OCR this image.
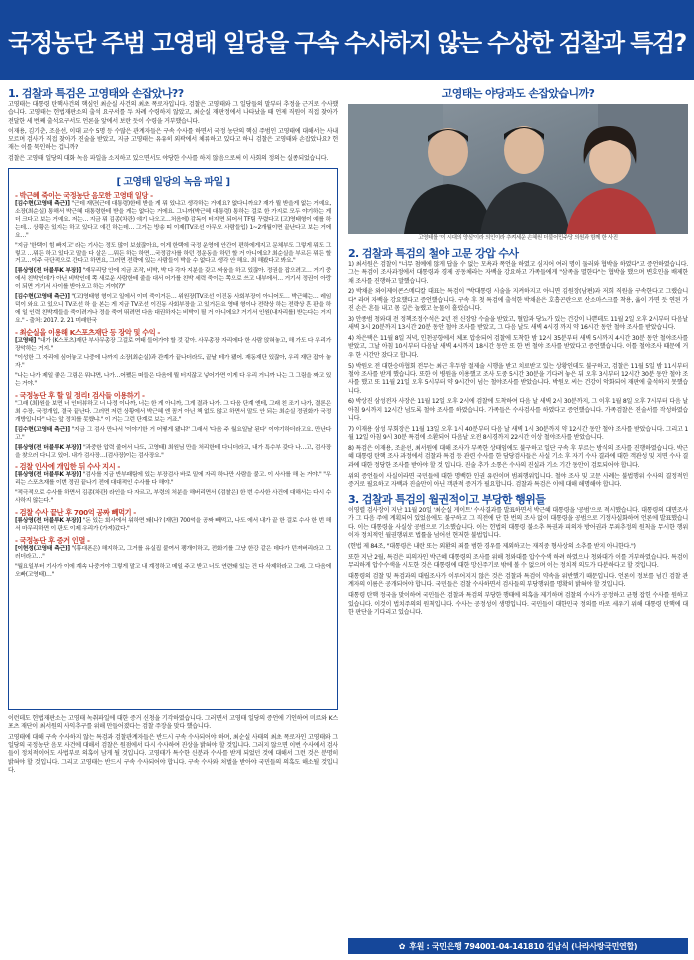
국정농단 주범 고영태 일당을 구속 수사하지 않는 수상한 검찰과 특검?
1. 검찰과 특검은 고영태와 손잡았나??

고영태는 대통령 탄핵사건의 핵심인 최순실 사건의 최초 폭로자입니다. 검찰은 고영태와 그 일당들의 말부터 추정을 근거로 수사했습니다. 고영태는 헌법재판소의 출석 요구서를 두 차례 수령하지 않았고, 최순실 재판정에서 나타났을 때 언제 직원이 직접 찾아가 전달한 세 번째 출석요구서도 언론을 앞에서 보란 듯이 수령을 거부했습니다.

이재용, 김기춘, 조윤선, 이대 교수 5명 등 수많은 관계자들은 구속 수사를 하면서 국정 농단의 핵심 주범인 고영태에 대해서는 사내 모르며 검사가 직접 찾아가 진술을 받았고, 지금 고영태는 유유히 외곽에서 체류하고 있다고 하니 검찰은 고영태와 손잡았나요? 헌재는 이를 묵인하는 겁니까?

검찰은 고영태 일당의 대화 녹음 파일을 소지하고 있으면서도 야당한 수사를 하지 않음으로써 이 사회의 정의는 실종되었습니다.

[ 고영태 일당의 녹음 파일 ]
- 박근혜 죽이는 국정농단 음모한 고영태 일당 -

[김수현(고영태 측근)] "근데 재단(근데 대통령)한테 받을 게 뭐 있냐고 생각하는 거예요? 없다니까요? 재가 뭘 받을게 없는 거예요, 소장(최순실) 통해서 박근혜 대통령한테 받을 게는 없다는 거에요. 그니까(박근혜 대통령) 통하는 걸로 한 가지로 모두 야기하는 게 더 크다고 보는 거예요. 저는… 지금 뭐 김종(차관) 얘기 나오고…처음에) 감독이 터지면 되어서 TF팀 꾸렸다고 (고)영태형이 예를 하는데… 상황은 있지는 하고 있다고 얘긴 하는데… 그거는 방송 띠 이제(TV조선 아무오 사람들입) 1~2개월이면 끝난다고 보는 거에요…"

"지금 '한택이 힘 빠지고' 라는 기사는 정도 많이 보셨잖아요, 이게 한택에 국정 운영에 안간이 편하에게지고 문체부도 그렇게 뭐도 그렇고 …뭐든 하고 있다고 말을 다 살은 …뭐든 하는 하면…국정감사를 하던 정운동을 하던 할 거 아니에요? 최순실을 부르든 뭐든 할 거고…이주 극단적으로 간다고 하면요, 그러면 전략에 있는 사람들이 박을 수 없다고 생각 안 해요. 최 해봤다고 봐요."

[류상영(전 더블루K 부장)] "재무리당 안에 지금 조작, 비박, 박 다 각자 지분을 갖고 싸움을 하고 있잖아. 정권을 잡으려고… 거기 중에서 친박인데가 아닌 비박인데 쪽 새로운 사람한테 줄을 대서 어가를 친박 세력 죽이는 쪽으로 쓰고 내부에서… 거기서 정권이 아랑이 되면 거기서 사이를 받아오고 하는 거야(?)"

[김수현(고영태 측근)] "(고)영태형 형이고 일에서 이미 죽이거든… 위원장(TV조선 이진동 사회부장이 아니어도… 박근혜는… 레임덕이 와요 고 있으니 TV조선 하 을 본는 게 지금 TV조선 이진동 사회부장을 고 있거든요 영태 형이나 전략상 하는 전략상 흔 판을 하에 일 인력 친박계들을 죽이려거나 정을 죽여 뛰려면 다음 대권하자는 비박이 될 거 아니에요? 거기서 인원(내자리를) 받는다는 거지요." - 출처: 2017. 2. 21 미래한국

- 최순실을 이용해 K스포츠재단 등 장악 및 수익 -

[고영태] "내가 (K스포츠)재단 부사무총장 그걸로 여태 들어가야 할 것 같아. 사무총장 자리에다 한 사람 앉혀놓고, 해 가도 다 우리가 장악하는 거지."

"이성한 그 자리에 심어놓고 나중에 나까지 소장(최순실)과 관계가 끝나더라도, 끝날 테가 됐어. 재동재단 있잖아, 우리 재단 잡아 놓자."

"나는 나가 제일 좋은 그림은 뭐냐면, 나가…어쨌든 떠들은 다음에 뭘 터지잖고 넣어가면 이게 다 우리 거니까 나는 그 그림을 짜고 있는 거야."

- 국정농단 후 할 일 정리! 검사들 이용하기 -

"그래 (최)원을 보면 너 인터뷰하고 너 나정 이나까, 너는 한 게 아니까, 그게 결과 나가. 그 다음 단계 엔테, 그래 친 조기 나가, 결론은 최 수장, 국정개입, 결국 끝난다. 그러면 저런 상황에서 박근혜 엔 꼼거 아닌 책 없도 않고 하면서 말도 안 되는 최순실 정권화가 국정 개방입니다" 나는 앞 정치를 못했냐." 이 거는 그런 단계로 보는 거죠."

[김수현(고영태 측근)] "지금 그 검사 만나서 '이야기한 거 어떻게 됐냐?' 그래서 '다음 주 월요일날 된다' 이야기하더라고요. 만난다고."

[류상영(전 더블루K 부장)] "과중한 압력 줄어서 나도, 고영태) 최원님 만을 처리한테 다니더라고, 내가 특수부 갖다 나…고, 검사장을 찾으러 다니고 있어. 내가 검사장…(검사장)이는 검사장요."

- 검찰 인사에 개입한 뒤 수사 지시 -

[류상영(전 더블루K 부장)] "검사를 지금 반부패팀에 있는 부장검사 바로 밑에 자리 하나만 사람을 붙고. 이 사사를 해 논 거야." "우리는 스포츠재를 이번 정권 끝나기 전에 대대적인 수사를 다 해야."

"적극적으로 수사를 하면서 김종(차관) 라인을 다 자르고, 부령의 처분을 해버리면서 (검찰은) 한 번 수사한 사건에 대해서는 다시 수사하지 않는다."

- 검찰 수사 끝난 후 700억 공짜 빼먹기 -

[류상영(전 더블루K 부장)] "돈 있는 회사에서 워하면 돼(나? (재단) 700억을 공짜 빼먹고, 나도 에서 내가 끝 한 걸로 수사 한 번 해서 마무리하면 이 판도 이제 우리가 (가져)갔다."

- 국정농단 후 증거 인멸 -

[이현정(고영태 측근)] "(휴대폰은) 해지하고, 그거를 유실집 붙여서 팽개이하고, 전화기를 그냥 한강 같은 데다가 던져버리라고 그러더라고…"

"월요일부터 기사가 이에 계속 나중거야 그렇게 말고 내 계정하고 메일 주고 받고 너도 연련돼 있는 건 다 삭제하라고 그래. 그 다음에 오빠(고영태)…"

이런데도 헌법재판소는 고영태 녹취파일에 대한 증거 신청을 기각하였습니다. 그러면서 고영태 일당의 증언에 기인하여 미르와 K스포츠 재단이 최서원의 사익추구를 위해 만들어졌다는 검찰 주장을 맞다 했습니다.

고영태에 대해 구속 수사하지 않는 특검과 검찰관계자들은 반드시 구속 수사되어야 하며, 최순실 사태의 최초 폭로자인 고영태와 그 일당의 국정농단 음모 사건에 대해서 검찰은 원점에서 다시 수사하여 진상을 밝혀야 할 것입니다. 그러지 않으면 이번 수사에서 검사들이 정치적이어도 사법부로 의혹이 남게 될 것입니다. 고영태가 특수한 신분과 수사를 받게 되었던 것에 대해서 그런 것은 분명히 밝혀야 할 것입니다. 그리고 고영태는 반드시 구속 수사되어야 합니다. 구속 수사와 처벌을 받아야 국민들의 의혹도 해소될 것입니다.

고영태는 야당과도 손잡았습니까?
고영태를 '이 시대의 양심'이라 의인이라 추켜세운 손혜원 더불어민주당 의원과 함께 한 사진
2. 검찰과 특검의 철야 고문 강압 수사

1) 최서원은 검찰이 "너무 첨예에 않게 답을 수 없는 모욕과 폭언을 하였고 심지어 여러 명이 둘러와 협박을 하였다"고 증언하였습니다. 그는 특검이 조사과정에서 대통령과 경제 공동체라는 자백을 강요하고 가족들에게 "삼족을 멸한다"는 협박을 했으며 변호인을 배제한 채 조사를 진행하고 말했습니다.

2) 박채윤 와이제이콘스메디칼 대표는 특검이 "박대통령 시술을 지켜하지고 아니면 김원장(남편)과 저희 직원을 구속한다고 그랬습니다" 라며 자백을 강요했다고 증언했습니다. 구속 후 첫 특검에 출석한 박채윤은 호흡곤란으로 산소마스크를 착용, 옮이 가면 듯 연된 가진 손은 흔들 내고 몸 깊은 놀랬고 눈물이 흘렀습니다.

3) 안종범 청와대 전 정책조정수석은 2년 전 신장암 수술을 받았고, 혈압과 당뇨가 있는 건강이 나쁜데도 11월 2일 오후 2시부터 다음날 새벽 3시 20분까지 13시간 20분 동안 철야 조사를 받았고, 그 다음 날도 새벽 4시경 까지 약 16시간 동안 철야 조사를 받았습니다.

4) 차은택은 11월 8일 저녁, 인천공항에서 체포 압송되어 검찰에 도착한 밤 12시 35분부터 새벽 5시까지 4시간 30분 동안 철야조사를 받았고, 그날 아침 10시부터 다음날 새벽 4시까지 18시간 동안 또 한 번 철야 조사를 받았다고 증언했습니다. 이틀 철야조사 때문에 거우 한 시간만 잤다고 합니다.

5) 박원오 전 대한승마협회 전무는 최근 후두암 절제술 시행을 받고 치료받고 있는 상황인데도 불구하고, 검찰은 11월 5일 밤 11시부터 철야 조사를 받게 했습니다. 또한 이 병원을 이용했고 조사 도중 5시간 30분을 기다려 놓은 뒤 오후 3시부터 12시간 30분 동안 철야 조사를 했고 또 11월 21일 오후 5시부터 약 9시간이 넘는 철야조사를 받았습니다. 박원오 씨는 건강이 악화되어 재판에 출석하지 못했습니다.

6) 박상진 삼성전자 사장은 11월 12일 오후 2시에 검찰에 도착하여 다음 날 새벽 2시 30분까지, 그 이후 1월 8일 오후 7시부터 다음 날 아침 9시까지 12시간 넘도록 철야 조사를 하였습니다. 가족들은 수사검사를 하였다고 증언했습니다. 가족검찰은 진술서를 작성하였습니다.

7) 이재용 삼성 부회장은 11월 13일 오후 1시 40분부터 다음 날 새벽 1시 30분까지 약 12시간 동안 철야 조사를 받았습니다. 그리고 1월 12일 아침 9시 30분 특검에 소환되어 다음날 오전 8시경까지 22시간 이상 철야조사를 받았습니다.

8) 특검은 이재용, 조윤선, 최서원에 대해 조사가 부족한 상태임에도 불구하고 일단 구속 후 부르는 방식의 조사를 진행하였습니다. 박근혜 대통령 탄핵 조사 과정에서 검찰과 특검 등 관련 수사를 한 담당검사들은 사실 기소 후 자기 수사 결과에 대한 객관성 및 지면 수사 결과에 대한 정당한 조사를 받아야 할 것 입니다. 진술 추가 소통은 수사의 진실과 기소 기간 동안이 검토되어야 합니다.

위의 증언들이 사실이라면 국민들에 대한 명백한 인권 유린이며 범죄행위입니다. 철야 조사 및 고문 사례는 불법행위 수사의 결정적인 증거로 필요하고 자백과 진술만이 아닌 객관적 증거가 필요합니다. 검찰과 특검은 이에 대해 해명해야 합니다.

3. 검찰과 특검의 월권적이고 부당한 행위들

이영렬 검사장이 지난 11월 20일 '최순실 게이트' 수사결과를 발표하면서 박근혜 대통령을 '공범'으로 적시했습니다. 대통령의 대면조사가 그 다음 주에 계획되어 있었음에도 불구하고 그 직전에 단 한 번의 조사 없이 대통령을 공범으로 기정사실화하여 언론에 발표했습니다. 이는 대통령을 사실상 공범으로 기소했습니다. 이는 헌법의 대통령 불소추 특권과 피의자 방어권과 무죄추정의 원칙을 무시한 행위이자 정치적인 월권행위로 법률을 넘어선 현저한 불법입니다.

(헌법 제 84조, "대통령은 내란 또는 외환의 죄를 범한 경우를 제외하고는 재직중 형사상의 소추를 받지 아니한다.")

또한 지난 2월, 특검은 피의자인 박근혜 대통령의 조사를 위해 청와대를 압수수색 하려 하였으나 청와대가 이를 거부하였습니다. 특검이 무리하게 압수수색을 시도한 것은 대통령에 대한 망신주기로 밖에 볼 수 없으며 이는 정치적 의도가 다분하다고 할 것입니다.

대통령의 검찰 및 특검과의 대립조사가 이루어지지 않은 것은 검찰과 특검이 약속을 위반했기 때문입니다. 언론이 정보를 넘긴 검찰 관계자의 이름은 공개되어야 합니다. 국민들은 검찰 수사하면서 검사들의 부당행위를 명확히 밝혀야 할 것입니다.

대통령 탄핵 정국을 맞이하여 국민들은 검찰과 특검의 부당한 행태에 의혹을 제기하며 검찰의 수사가 공정하고 균형 잡힌 수사를 원하고 있습니다. 이것이 법치주의의 원칙입니다. 수사는 공정성이 생명입니다. 국민들이 대한민국 정의를 바로 세우기 위해 대통령 탄핵에 대한 판단을 기다리고 있습니다.

✿ 후원 : 국민은행 794001-04-141810 김남식 (나라사랑국민연합)
